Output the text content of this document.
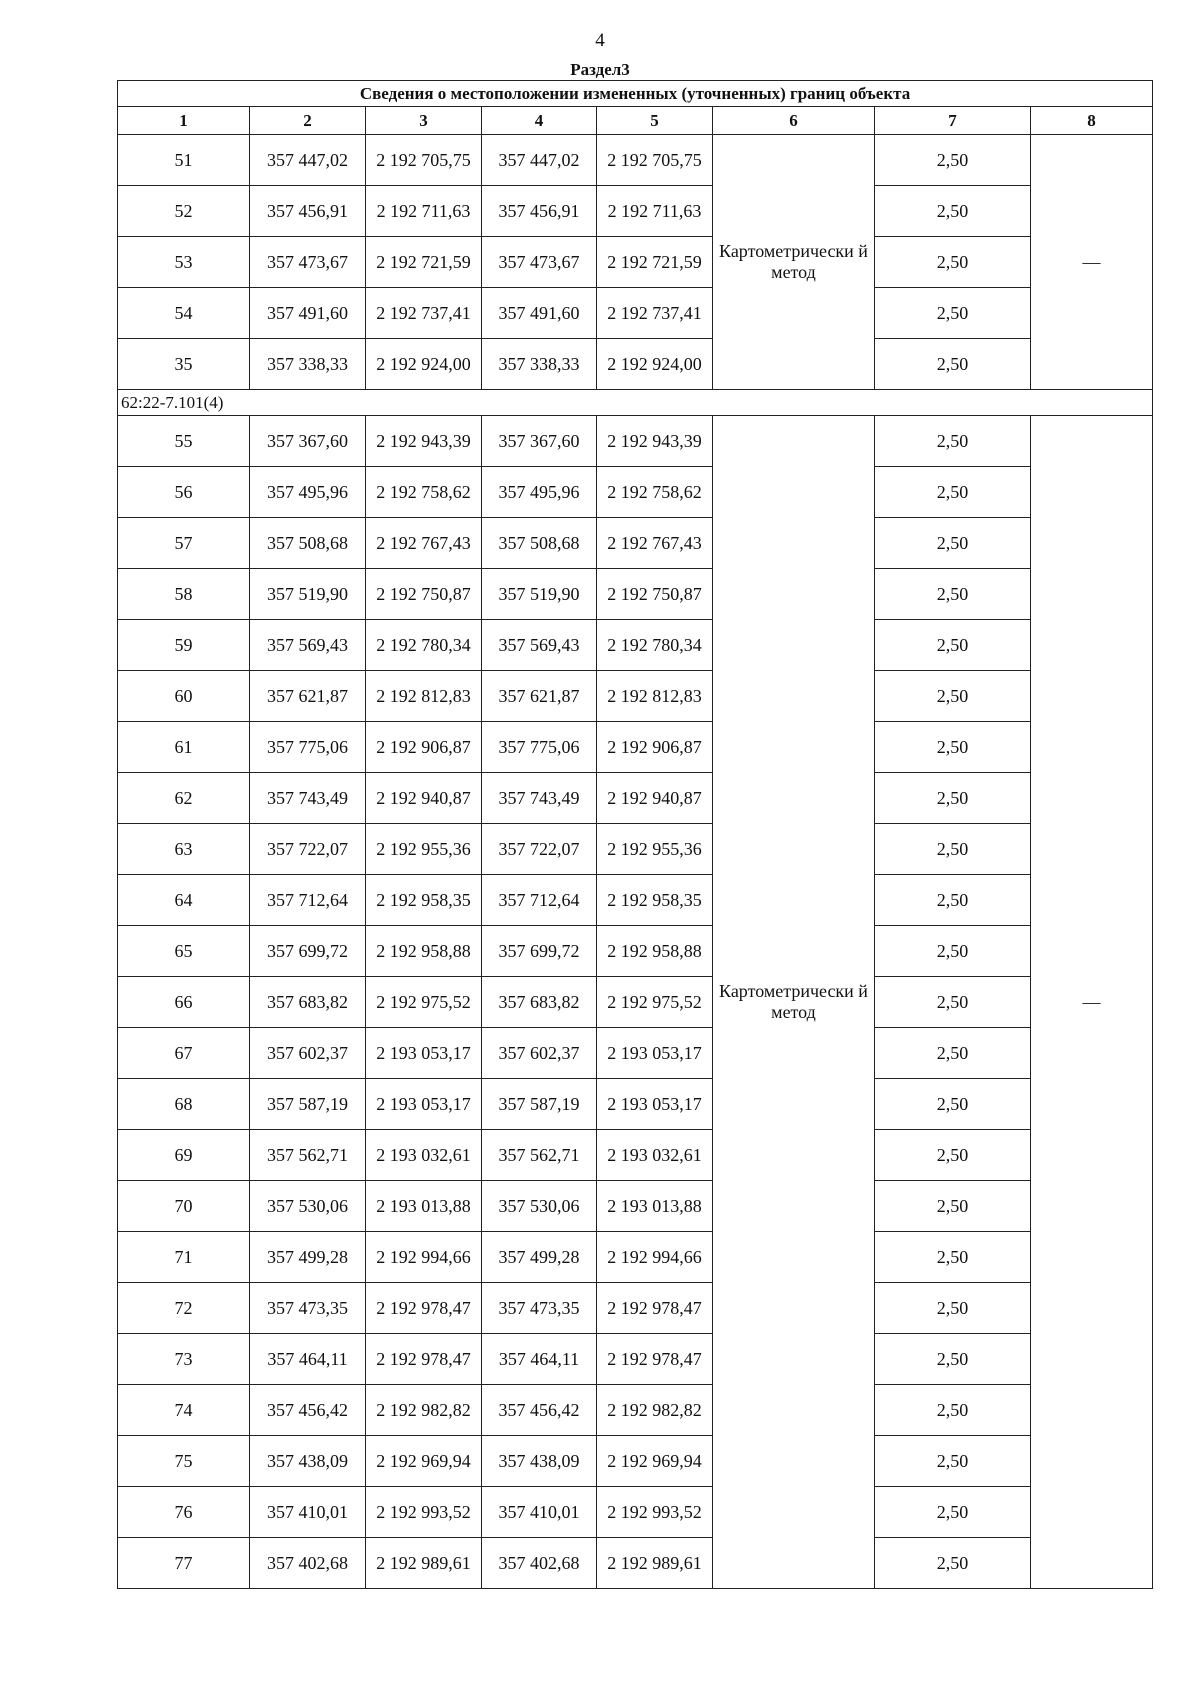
4
Раздел3
Сведения о местоположении измененных (уточненных) границ объекта							
1	2	3	4	5	6	7	8
51	357 447,02	2 192 705,75	357 447,02	2 192 705,75	Картометрически й метод	2,50	—
52	357 456,91	2 192 711,63	357 456,91	2 192 711,63		2,50	
53	357 473,67	2 192 721,59	357 473,67	2 192 721,59		2,50	
54	357 491,60	2 192 737,41	357 491,60	2 192 737,41		2,50	
35	357 338,33	2 192 924,00	357 338,33	2 192 924,00		2,50	
62:22-7.101(4)							
55	357 367,60	2 192 943,39	357 367,60	2 192 943,39	Картометрически й метод	2,50	—
56	357 495,96	2 192 758,62	357 495,96	2 192 758,62		2,50	
57	357 508,68	2 192 767,43	357 508,68	2 192 767,43		2,50	
58	357 519,90	2 192 750,87	357 519,90	2 192 750,87		2,50	
59	357 569,43	2 192 780,34	357 569,43	2 192 780,34		2,50	
60	357 621,87	2 192 812,83	357 621,87	2 192 812,83		2,50	
61	357 775,06	2 192 906,87	357 775,06	2 192 906,87		2,50	
62	357 743,49	2 192 940,87	357 743,49	2 192 940,87		2,50	
63	357 722,07	2 192 955,36	357 722,07	2 192 955,36		2,50	
64	357 712,64	2 192 958,35	357 712,64	2 192 958,35		2,50	
65	357 699,72	2 192 958,88	357 699,72	2 192 958,88		2,50	
66	357 683,82	2 192 975,52	357 683,82	2 192 975,52		2,50	
67	357 602,37	2 193 053,17	357 602,37	2 193 053,17		2,50	
68	357 587,19	2 193 053,17	357 587,19	2 193 053,17		2,50	
69	357 562,71	2 193 032,61	357 562,71	2 193 032,61		2,50	
70	357 530,06	2 193 013,88	357 530,06	2 193 013,88		2,50	
71	357 499,28	2 192 994,66	357 499,28	2 192 994,66		2,50	
72	357 473,35	2 192 978,47	357 473,35	2 192 978,47		2,50	
73	357 464,11	2 192 978,47	357 464,11	2 192 978,47		2,50	
74	357 456,42	2 192 982,82	357 456,42	2 192 982,82		2,50	
75	357 438,09	2 192 969,94	357 438,09	2 192 969,94		2,50	
76	357 410,01	2 192 993,52	357 410,01	2 192 993,52		2,50	
77	357 402,68	2 192 989,61	357 402,68	2 192 989,61		2,50	
